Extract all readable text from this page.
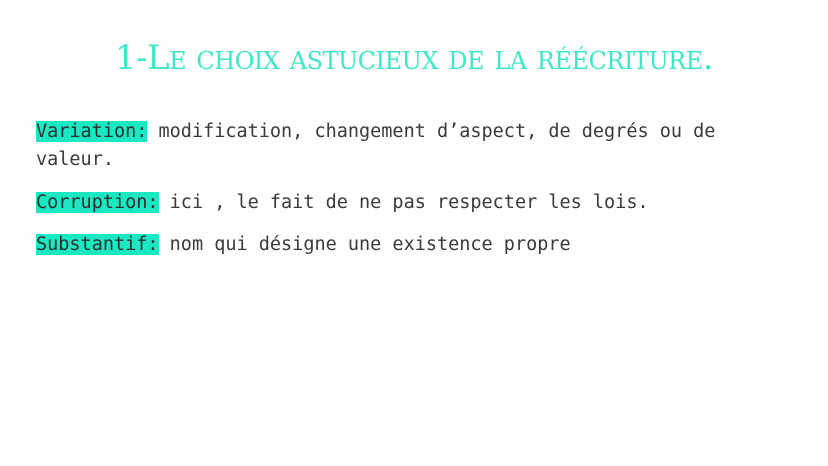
1-Le choix astucieux de la réécriture.
Variation: modification, changement d’aspect, de degrés ou de valeur.
Corruption: ici , le fait de ne pas respecter les lois.
Substantif: nom qui désigne une existence propre
